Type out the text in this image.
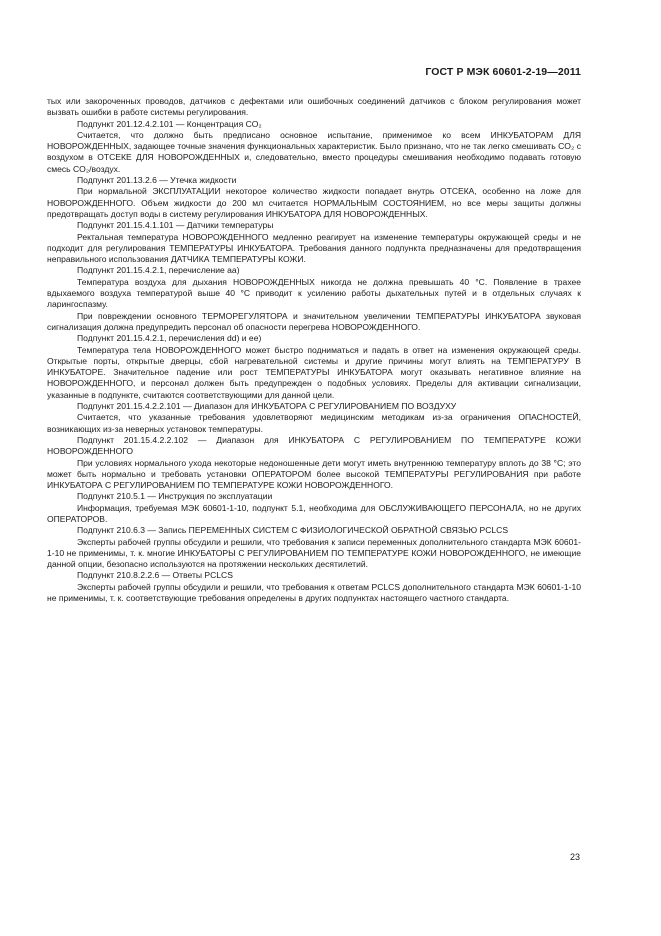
ГОСТ Р МЭК 60601-2-19—2011

тых или закороченных проводов, датчиков с дефектами или ошибочных соединений датчиков с блоком регулирования может вызвать ошибки в работе системы регулирования.

Подпункт 201.12.4.2.101 — Концентрация CO₂

Считается, что должно быть предписано основное испытание, применимое ко всем ИНКУБАТОРАМ ДЛЯ НОВОРОЖДЕННЫХ, задающее точные значения функциональных характеристик. Было признано, что не так легко смешивать CO₂ с воздухом в ОТСЕКЕ ДЛЯ НОВОРОЖДЕННЫХ и, следовательно, вместо процедуры смешивания необходимо подавать готовую смесь CO₂/воздух.

Подпункт 201.13.2.6 — Утечка жидкости

При нормальной ЭКСПЛУАТАЦИИ некоторое количество жидкости попадает внутрь ОТСЕКА, особенно на ложе для НОВОРОЖДЕННОГО. Объем жидкости до 200 мл считается НОРМАЛЬНЫМ СОСТОЯНИЕМ, но все меры защиты должны предотвращать доступ воды в систему регулирования ИНКУБАТОРА ДЛЯ НОВОРОЖДЕННЫХ.

Подпункт 201.15.4.1.101 — Датчики температуры

Ректальная температура НОВОРОЖДЕННОГО медленно реагирует на изменение температуры окружающей среды и не подходит для регулирования ТЕМПЕРАТУРЫ ИНКУБАТОРА. Требования данного подпункта предназначены для предотвращения неправильного использования ДАТЧИКА ТЕМПЕРАТУРЫ КОЖИ.

Подпункт 201.15.4.2.1, перечисление аа)

Температура воздуха для дыхания НОВОРОЖДЕННЫХ никогда не должна превышать 40 °C. Появление в трахее вдыхаемого воздуха температурой выше 40 °C приводит к усилению работы дыхательных путей и в отдельных случаях к ларингоспазму.

При повреждении основного ТЕРМОРЕГУЛЯТОРА и значительном увеличении ТЕМПЕРАТУРЫ ИНКУБАТОРА звуковая сигнализация должна предупредить персонал об опасности перегрева НОВОРОЖДЕННОГО.

Подпункт 201.15.4.2.1, перечисления dd) и ее)

Температура тела НОВОРОЖДЕННОГО может быстро подниматься и падать в ответ на изменения окружающей среды. Открытые порты, открытые дверцы, сбой нагревательной системы и другие причины могут влиять на ТЕМПЕРАТУРУ В ИНКУБАТОРЕ. Значительное падение или рост ТЕМПЕРАТУРЫ ИНКУБАТОРА могут оказывать негативное влияние на НОВОРОЖДЕННОГО, и персонал должен быть предупрежден о подобных условиях. Пределы для активации сигнализации, указанные в подпункте, считаются соответствующими для данной цели.

Подпункт 201.15.4.2.2.101 — Диапазон для ИНКУБАТОРА С РЕГУЛИРОВАНИЕМ ПО ВОЗДУХУ

Считается, что указанные требования удовлетворяют медицинским методикам из-за ограничения ОПАСНОСТЕЙ, возникающих из-за неверных установок температуры.

Подпункт 201.15.4.2.2.102 — Диапазон для ИНКУБАТОРА С РЕГУЛИРОВАНИЕМ ПО ТЕМПЕРАТУРЕ КОЖИ НОВОРОЖДЕННОГО

При условиях нормального ухода некоторые недоношенные дети могут иметь внутреннюю температуру вплоть до 38 °C; это может быть нормально и требовать установки ОПЕРАТОРОМ более высокой ТЕМПЕРАТУРЫ РЕГУЛИРОВАНИЯ при работе ИНКУБАТОРА С РЕГУЛИРОВАНИЕМ ПО ТЕМПЕРАТУРЕ КОЖИ НОВОРОЖДЕННОГО.

Подпункт 210.5.1 — Инструкция по эксплуатации

Информация, требуемая МЭК 60601-1-10, подпункт 5.1, необходима для ОБСЛУЖИВАЮЩЕГО ПЕРСОНАЛА, но не других ОПЕРАТОРОВ.

Подпункт 210.6.3 — Запись ПЕРЕМЕННЫХ СИСТЕМ С ФИЗИОЛОГИЧЕСКОЙ ОБРАТНОЙ СВЯЗЬЮ PCLCS

Эксперты рабочей группы обсудили и решили, что требования к записи переменных дополнительного стандарта МЭК 60601-1-10 не применимы, т. к. многие ИНКУБАТОРЫ С РЕГУЛИРОВАНИЕМ ПО ТЕМПЕРАТУРЕ КОЖИ НОВОРОЖДЕННОГО, не имеющие данной опции, безопасно используются на протяжении нескольких десятилетий.

Подпункт 210.8.2.2.6 — Ответы PCLCS

Эксперты рабочей группы обсудили и решили, что требования к ответам PCLCS дополнительного стандарта МЭК 60601-1-10 не применимы, т. к. соответствующие требования определены в других подпунктах настоящего частного стандарта.

23
